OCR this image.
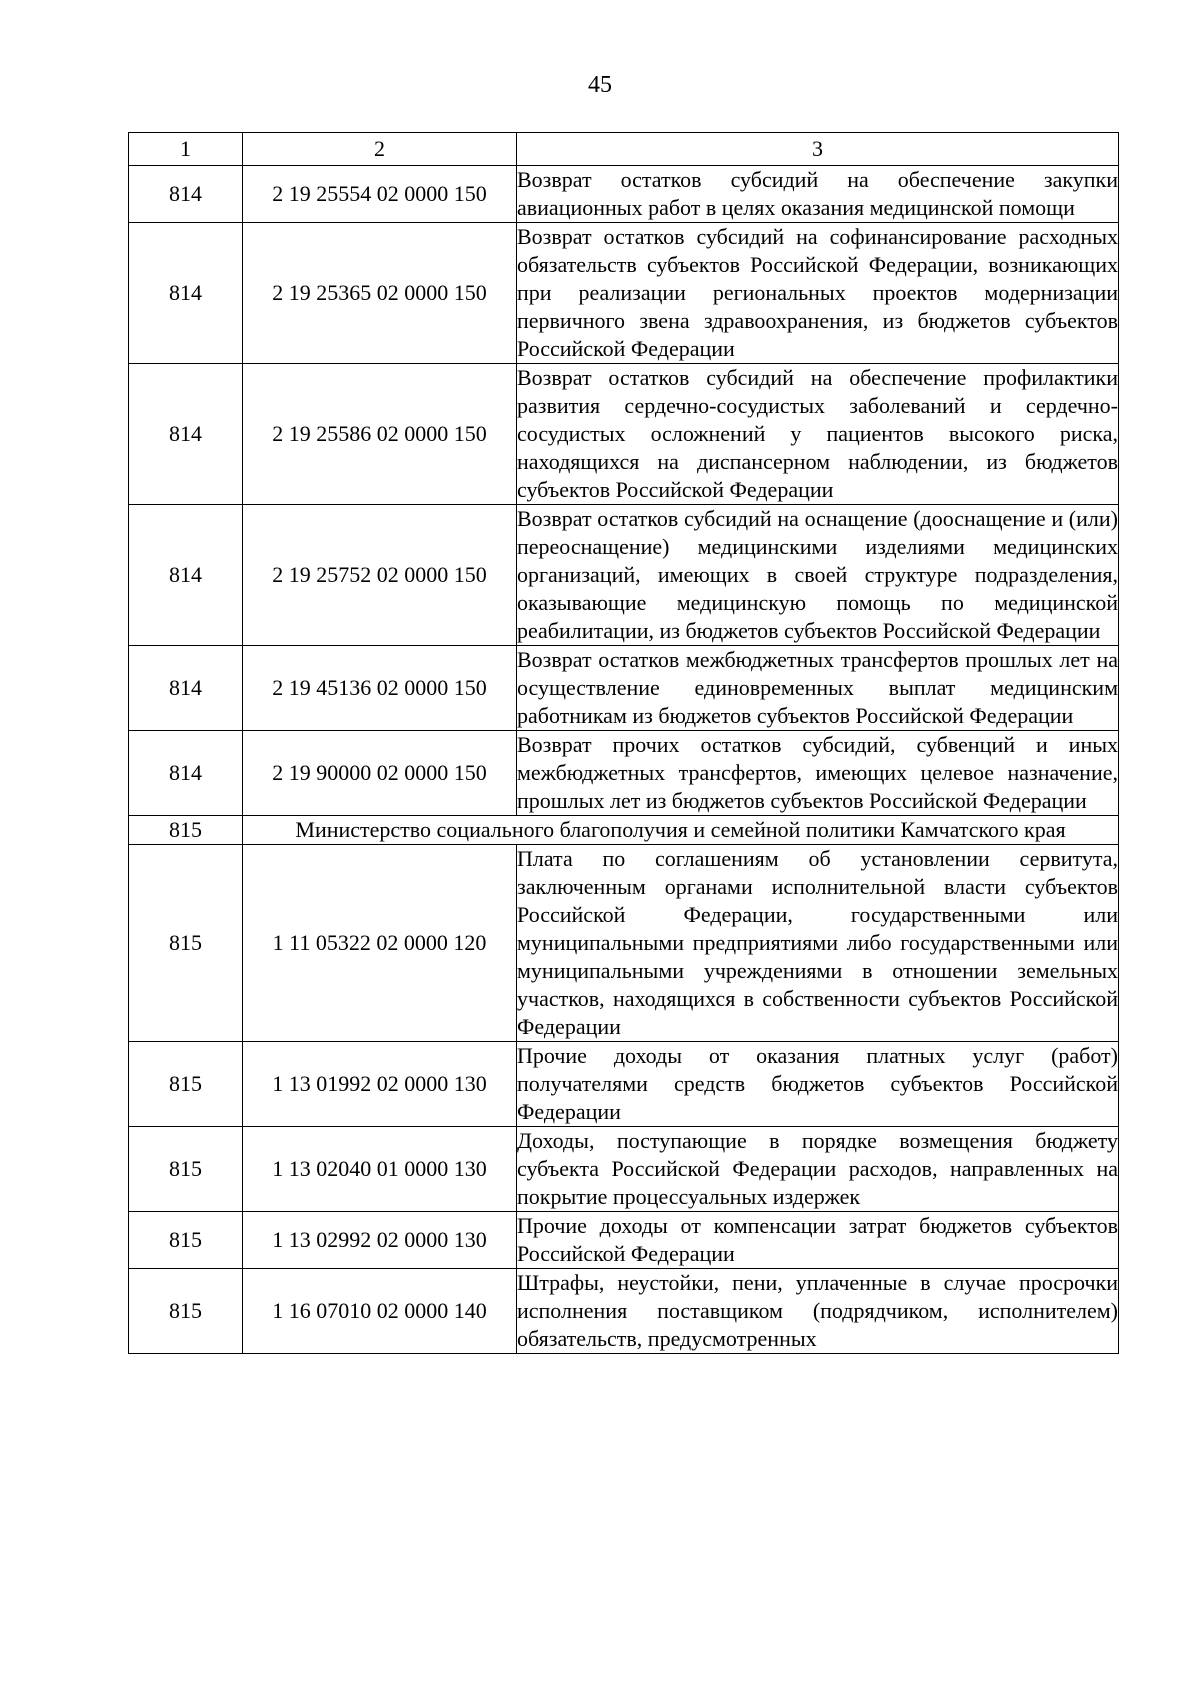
45
1	2	3
814	2 19 25554 02 0000 150	Возврат остатков субсидий на обеспечение закупки авиационных работ в целях оказания медицинской помощи

814	2 19 25365 02 0000 150	Возврат остатков субсидий на софинансирование расходных обязательств субъектов Российской Федерации, возникающих при реализации региональных проектов модернизации первичного звена здравоохранения, из бюджетов субъектов Российской Федерации

814	2 19 25586 02 0000 150	Возврат остатков субсидий на обеспечение профилактики развития сердечно-сосудистых заболеваний и сердечно-сосудистых осложнений у пациентов высокого риска, находящихся на диспансерном наблюдении, из бюджетов субъектов Российской Федерации

814	2 19 25752 02 0000 150	Возврат остатков субсидий на оснащение (дооснащение и (или) переоснащение) медицинскими изделиями медицинских организаций, имеющих в своей структуре подразделения, оказывающие медицинскую помощь по медицинской реабилитации, из бюджетов субъектов Российской Федерации

814	2 19 45136 02 0000 150	Возврат остатков межбюджетных трансфертов прошлых лет на осуществление единовременных выплат медицинским работникам из бюджетов субъектов Российской Федерации

814	2 19 90000 02 0000 150	Возврат прочих остатков субсидий, субвенций и иных межбюджетных трансфертов, имеющих целевое назначение, прошлых лет из бюджетов субъектов Российской Федерации

815	Министерство социального благополучия и семейной политики Камчатского края	
815	1 11 05322 02 0000 120	Плата по соглашениям об установлении сервитута, заключенным органами исполнительной власти субъектов Российской Федерации, государственными или муниципальными предприятиями либо государственными или муниципальными учреждениями в отношении земельных участков, находящихся в собственности субъектов Российской Федерации

815	1 13 01992 02 0000 130	Прочие доходы от оказания платных услуг (работ) получателями средств бюджетов субъектов Российской Федерации

815	1 13 02040 01 0000 130	Доходы, поступающие в порядке возмещения бюджету субъекта Российской Федерации расходов, направленных на покрытие процессуальных издержек

815	1 13 02992 02 0000 130	Прочие доходы от компенсации затрат бюджетов субъектов Российской Федерации

815	1 16 07010 02 0000 140	Штрафы, неустойки, пени, уплаченные в случае просрочки исполнения поставщиком (подрядчиком, исполнителем) обязательств, предусмотренных
